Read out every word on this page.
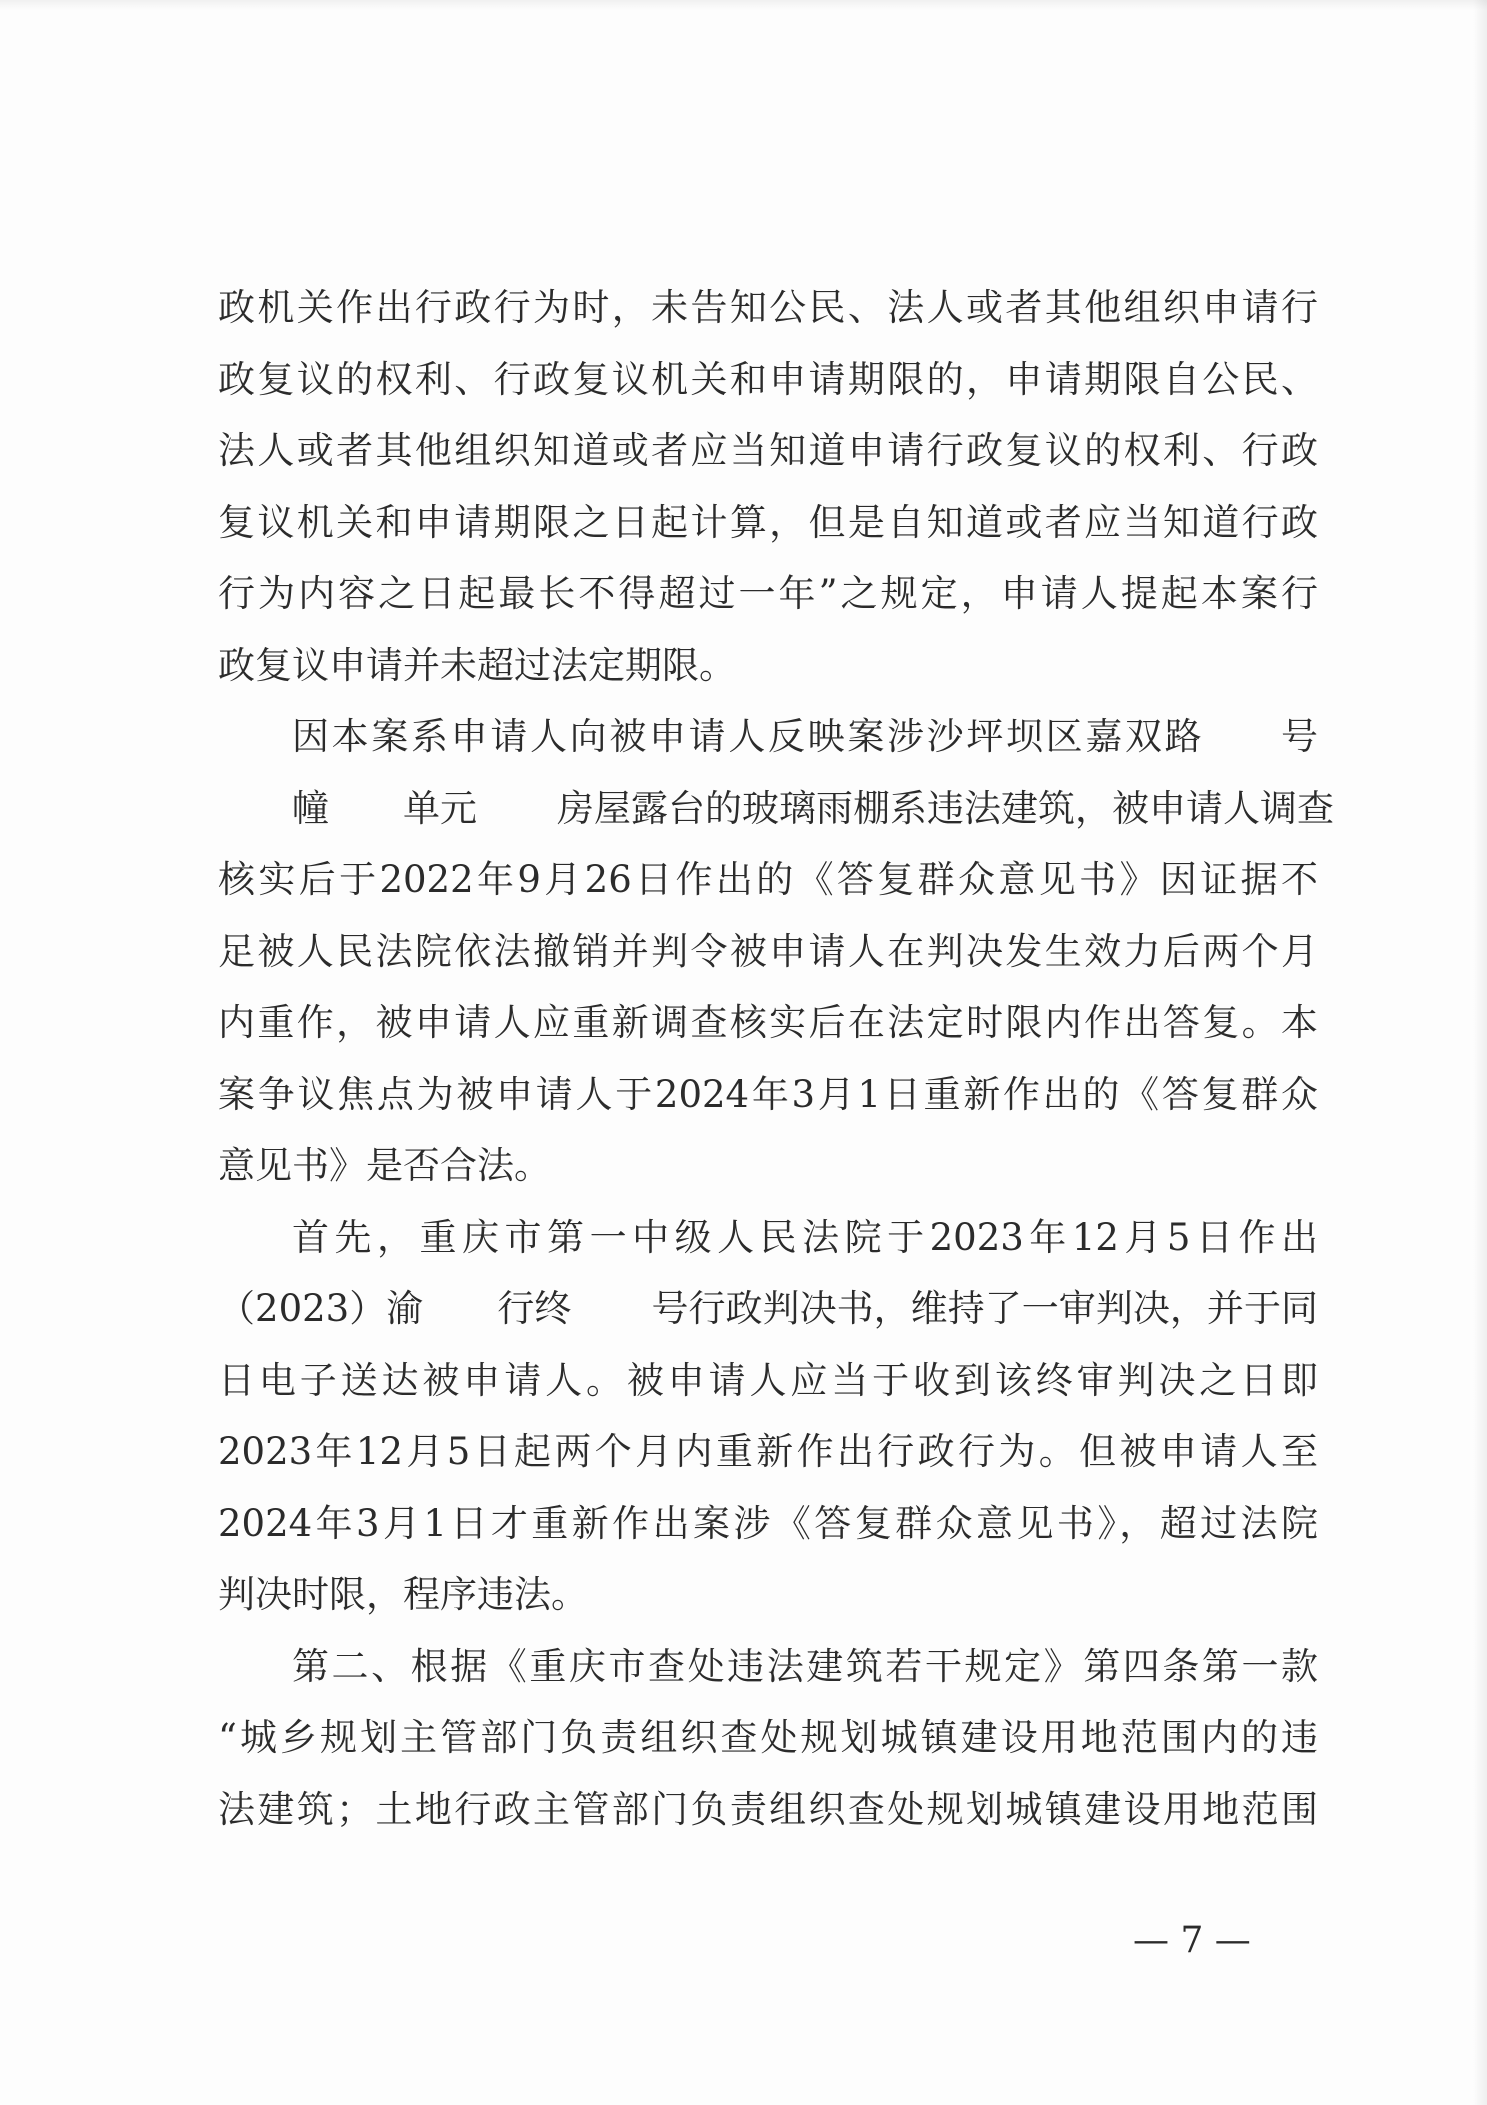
政机关作出行政行为时，未告知公民、法人或者其他组织申请行
政复议的权利、行政复议机关和申请期限的，申请期限自公民、
法人或者其他组织知道或者应当知道申请行政复议的权利、行政
复议机关和申请期限之日起计算，但是自知道或者应当知道行政
行为内容之日起最长不得超过一年”之规定，申请人提起本案行
政复议申请并未超过法定期限。
因本案系申请人向被申请人反映案涉沙坪坝区嘉双路 号
幢 单元 房屋露台的玻璃雨棚系违法建筑，被申请人调查
核实后于2022年9月26日作出的《答复群众意见书》因证据不
足被人民法院依法撤销并判令被申请人在判决发生效力后两个月
内重作，被申请人应重新调查核实后在法定时限内作出答复。本
案争议焦点为被申请人于2024年3月1日重新作出的《答复群众
意见书》是否合法。
首先，重庆市第一中级人民法院于2023年12月5日作出
（2023）渝 行终 号行政判决书，维持了一审判决，并于同
日电子送达被申请人。被申请人应当于收到该终审判决之日即
2023年12月5日起两个月内重新作出行政行为。但被申请人至
2024年3月1日才重新作出案涉《答复群众意见书》，超过法院
判决时限，程序违法。
第二、根据《重庆市查处违法建筑若干规定》第四条第一款
“城乡规划主管部门负责组织查处规划城镇建设用地范围内的违
法建筑；土地行政主管部门负责组织查处规划城镇建设用地范围
— 7 —
